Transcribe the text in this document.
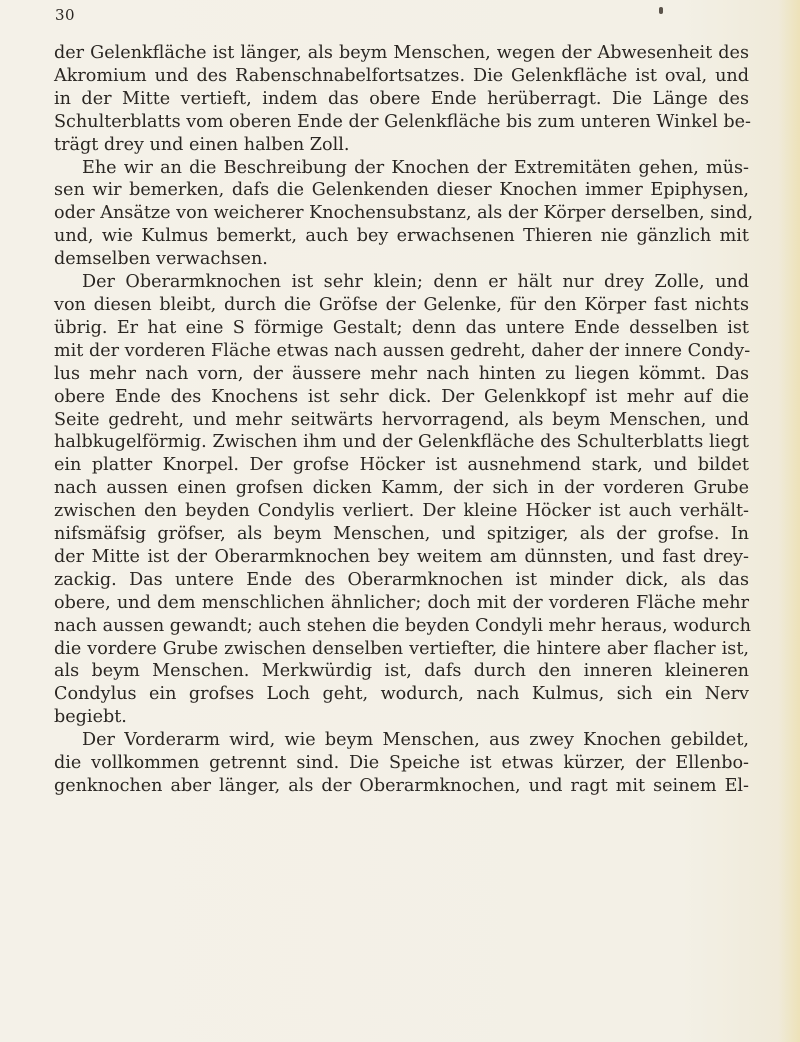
30
der Gelenkfläche ist länger, als beym Menschen, wegen der Abwesenheit des
Akromium und des Rabenschnabelfortsatzes. Die Gelenkfläche ist oval, und
in der Mitte vertieft, indem das obere Ende herüberragt. Die Länge des
Schulterblatts vom oberen Ende der Gelenkfläche bis zum unteren Winkel be-
trägt drey und einen halben Zoll.
Ehe wir an die Beschreibung der Knochen der Extremitäten gehen, müs-
sen wir bemerken, dafs die Gelenkenden dieser Knochen immer Epiphysen,
oder Ansätze von weicherer Knochensubstanz, als der Körper derselben, sind,
und, wie Kulmus bemerkt, auch bey erwachsenen Thieren nie gänzlich mit
demselben verwachsen.
Der Oberarmknochen ist sehr klein; denn er hält nur drey Zolle, und
von diesen bleibt, durch die Gröfse der Gelenke, für den Körper fast nichts
übrig. Er hat eine S förmige Gestalt; denn das untere Ende desselben ist
mit der vorderen Fläche etwas nach aussen gedreht, daher der innere Condy-
lus mehr nach vorn, der äussere mehr nach hinten zu liegen kömmt. Das
obere Ende des Knochens ist sehr dick. Der Gelenkkopf ist mehr auf die
Seite gedreht, und mehr seitwärts hervorragend, als beym Menschen, und
halbkugelförmig. Zwischen ihm und der Gelenkfläche des Schulterblatts liegt
ein platter Knorpel. Der grofse Höcker ist ausnehmend stark, und bildet
nach aussen einen grofsen dicken Kamm, der sich in der vorderen Grube
zwischen den beyden Condylis verliert. Der kleine Höcker ist auch verhält-
nifsmäfsig gröfser, als beym Menschen, und spitziger, als der grofse. In
der Mitte ist der Oberarmknochen bey weitem am dünnsten, und fast drey-
zackig. Das untere Ende des Oberarmknochen ist minder dick, als das
obere, und dem menschlichen ähnlicher; doch mit der vorderen Fläche mehr
nach aussen gewandt; auch stehen die beyden Condyli mehr heraus, wodurch
die vordere Grube zwischen denselben vertiefter, die hintere aber flacher ist,
als beym Menschen. Merkwürdig ist, dafs durch den inneren kleineren
Condylus ein grofses Loch geht, wodurch, nach Kulmus, sich ein Nerv
begiebt.
Der Vorderarm wird, wie beym Menschen, aus zwey Knochen gebildet,
die vollkommen getrennt sind. Die Speiche ist etwas kürzer, der Ellenbo-
genknochen aber länger, als der Oberarmknochen, und ragt mit seinem El-
